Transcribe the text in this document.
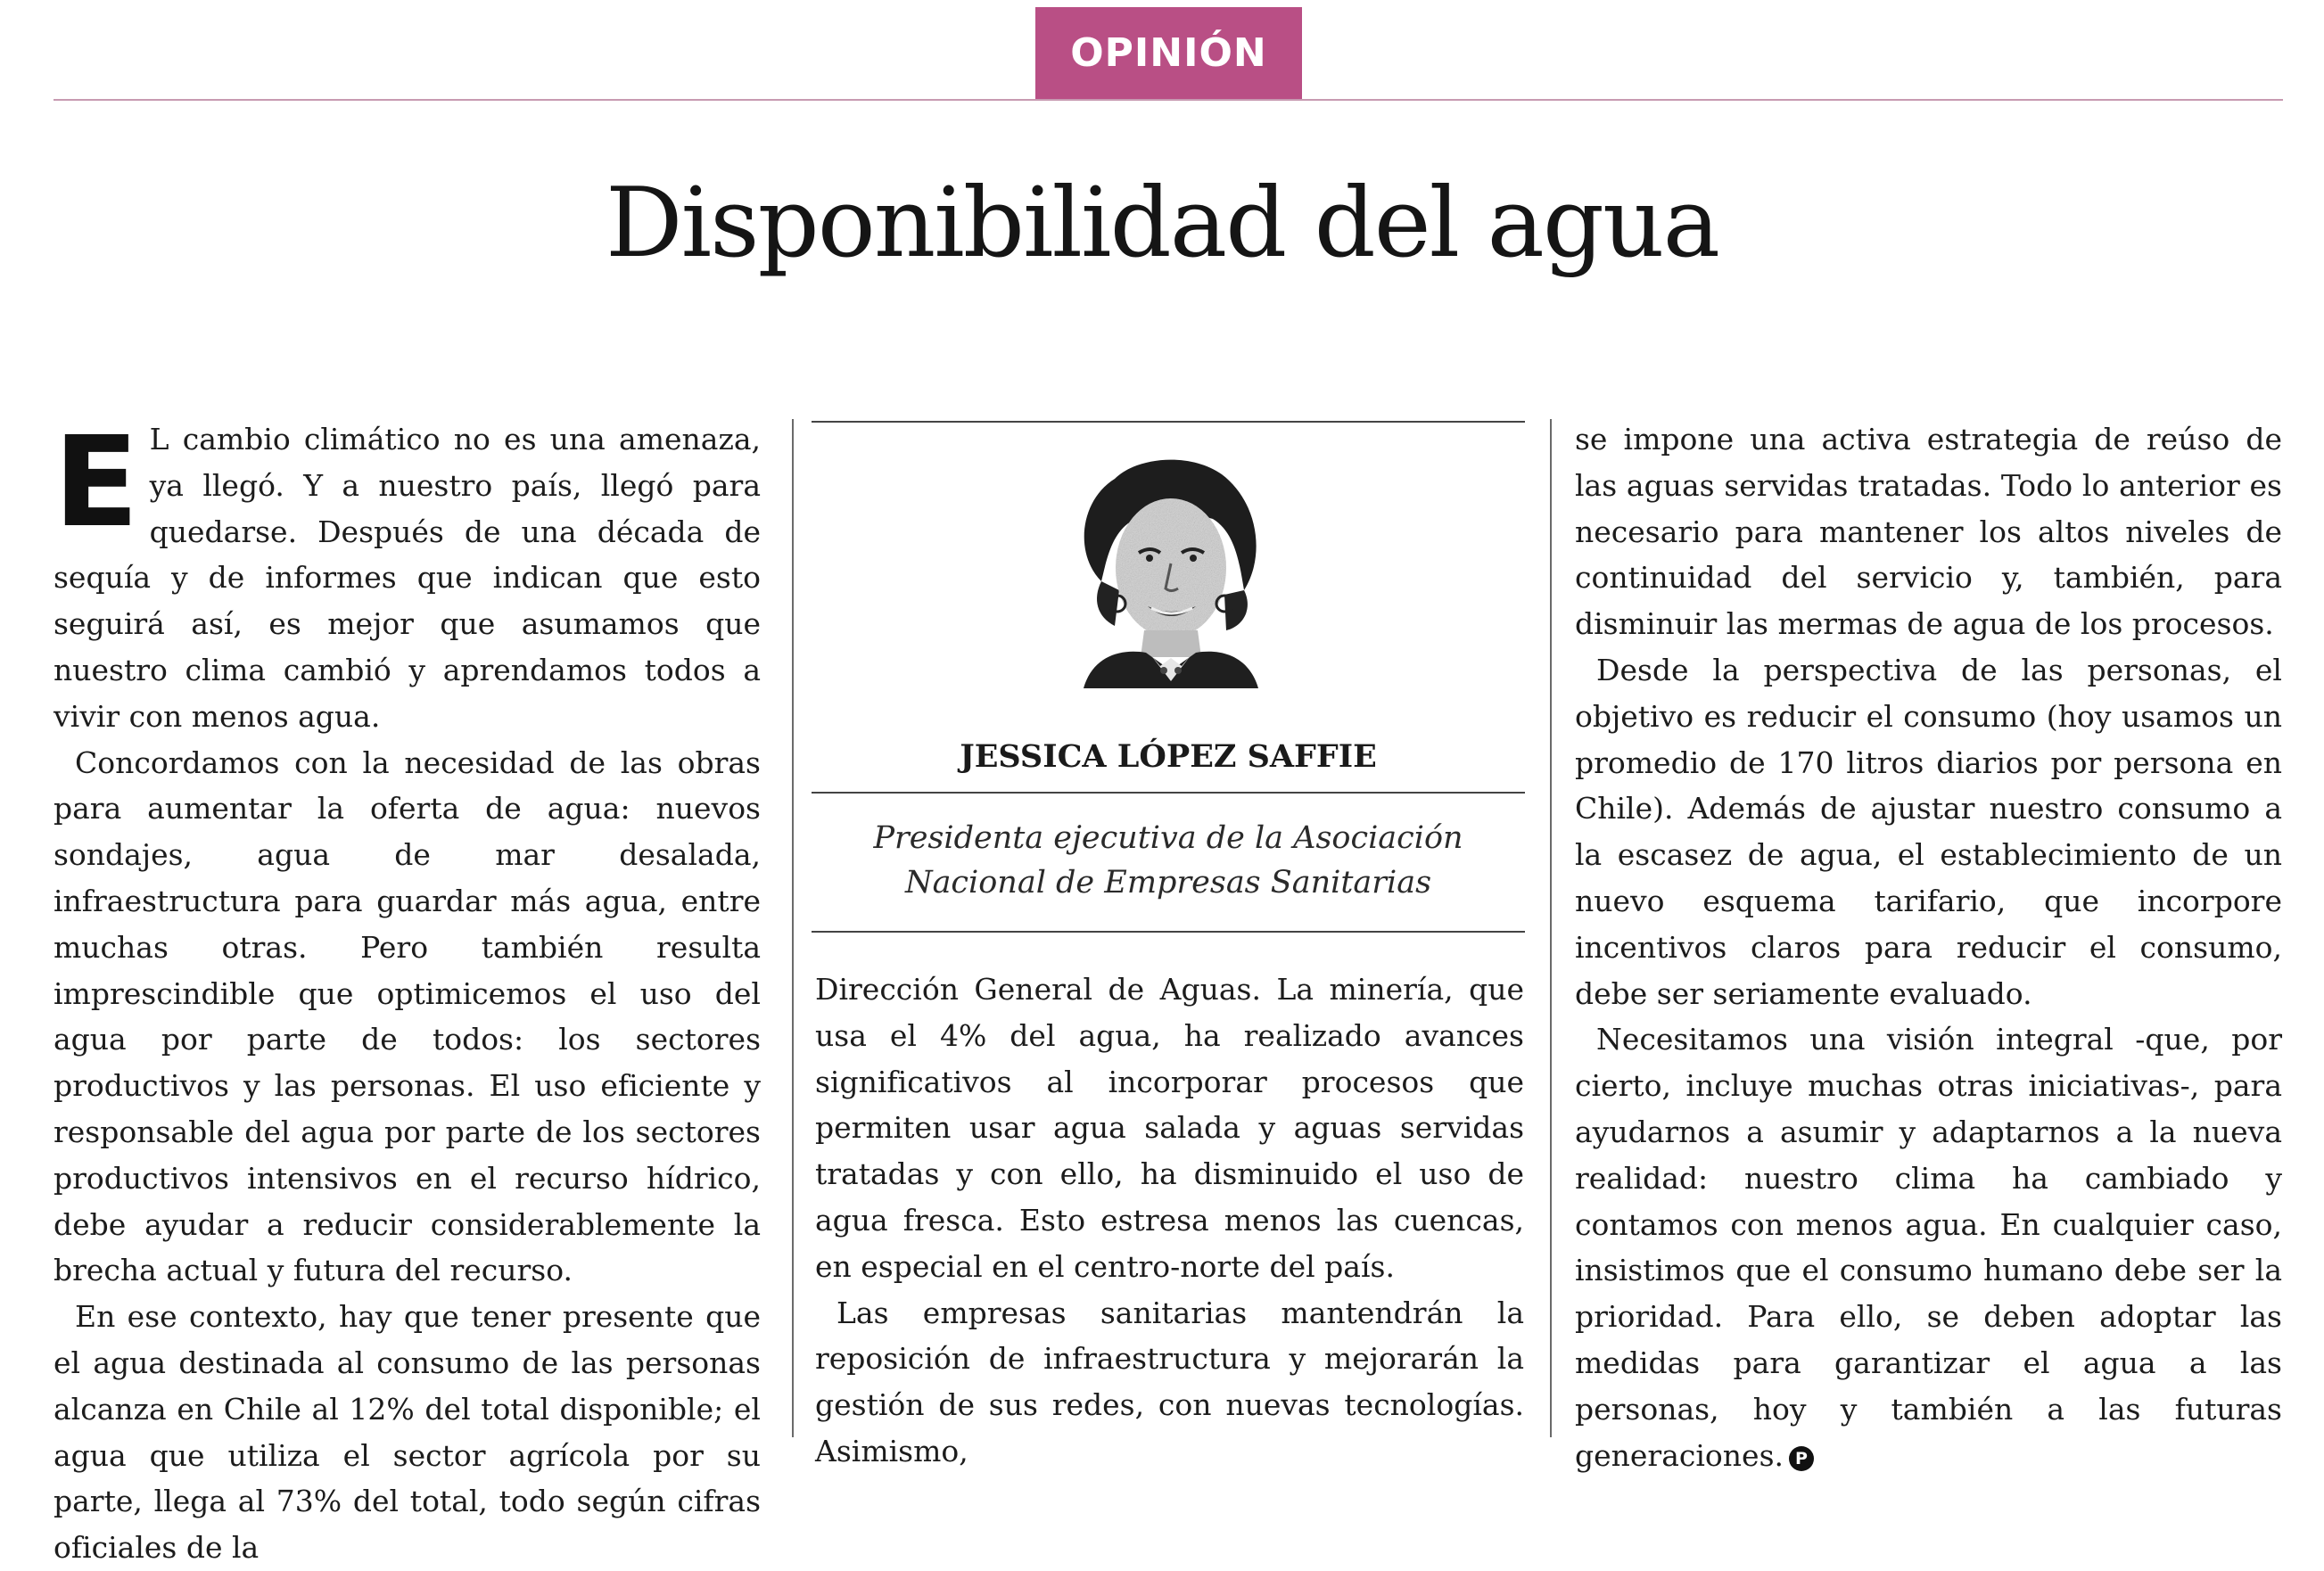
OPINIÓN
Disponibilidad del agua

E L cambio climático no es una amenaza, ya llegó. Y a nuestro país, llegó para quedarse. Después de una década de sequía y de informes que indican que esto seguirá así, es mejor que asumamos que nuestro clima cambió y aprendamos todos a vivir con menos agua.

Concordamos con la necesidad de las obras para aumentar la oferta de agua: nuevos sondajes, agua de mar desalada, infraestructura para guardar más agua, entre muchas otras. Pero también resulta imprescindible que optimicemos el uso del agua por parte de todos: los sectores productivos y las personas. El uso eficiente y responsable del agua por parte de los sectores productivos intensivos en el recurso hídrico, debe ayudar a reducir considerablemente la brecha actual y futura del recurso.

En ese contexto, hay que tener presente que el agua destinada al consumo de las personas alcanza en Chile al 12% del total disponible; el agua que utiliza el sector agrícola por su parte, llega al 73% del total, todo según cifras oficiales de la

JESSICA LÓPEZ SAFFIE
Presidenta ejecutiva de la Asociación
Nacional de Empresas Sanitarias

Dirección General de Aguas. La minería, que usa el 4% del agua, ha realizado avances significativos al incorporar procesos que permiten usar agua salada y aguas servidas tratadas y con ello, ha disminuido el uso de agua fresca. Esto estresa menos las cuencas, en especial en el centro-norte del país.

Las empresas sanitarias mantendrán la reposición de infraestructura y mejorarán la gestión de sus redes, con nuevas tecnologías. Asimismo,

se impone una activa estrategia de reúso de las aguas servidas tratadas. Todo lo anterior es necesario para mantener los altos niveles de continuidad del servicio y, también, para disminuir las mermas de agua de los procesos.

Desde la perspectiva de las personas, el objetivo es reducir el consumo (hoy usamos un promedio de 170 litros diarios por persona en Chile). Además de ajustar nuestro consumo a la escasez de agua, el establecimiento de un nuevo esquema tarifario, que incorpore incentivos claros para reducir el consumo, debe ser seriamente evaluado.

Necesitamos una visión integral -que, por cierto, incluye muchas otras iniciativas-, para ayudarnos a asumir y adaptarnos a la nueva realidad: nuestro clima ha cambiado y contamos con menos agua. En cualquier caso, insistimos que el consumo humano debe ser la prioridad. Para ello, se deben adoptar las medidas para garantizar el agua a las personas, hoy y también a las futuras generaciones. P
